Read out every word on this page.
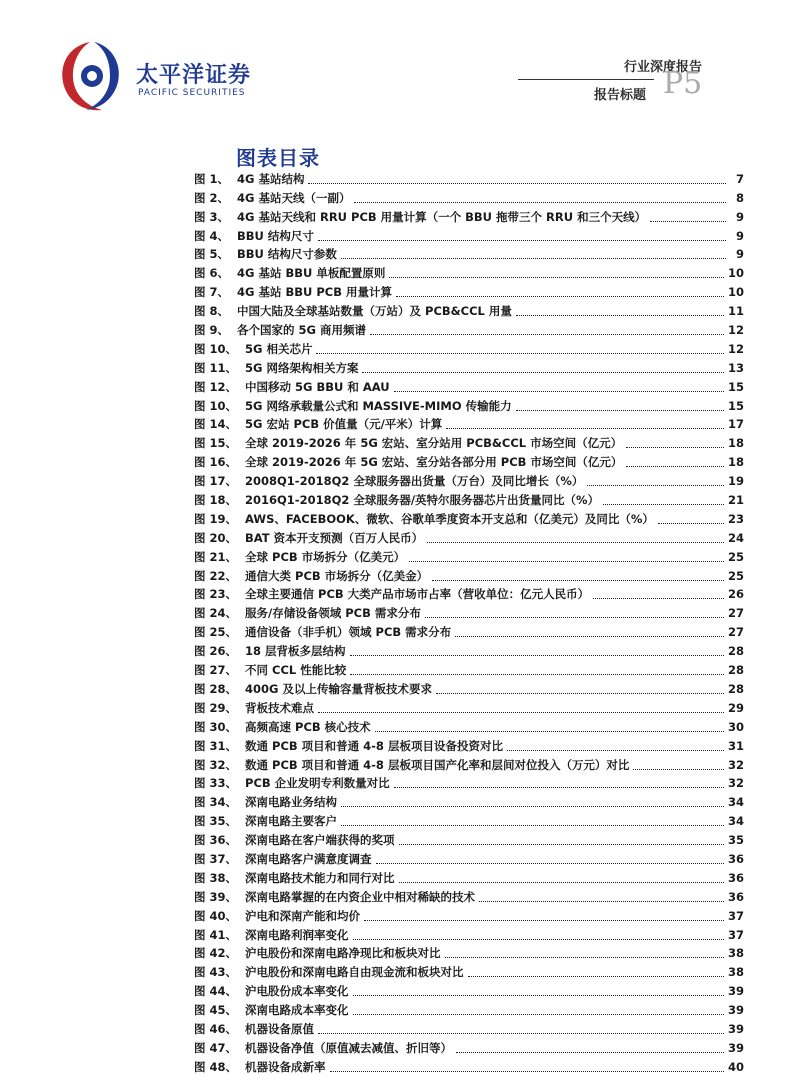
太平洋证券
PACIFIC SECURITIES
行业深度报告
报告标题 P5
图表目录
图 1、 4G 基站结构	7
图 2、 4G 基站天线（一副）	8
图 3、 4G 基站天线和 RRU PCB 用量计算（一个 BBU 拖带三个 RRU 和三个天线）	9
图 4、 BBU 结构尺寸	9
图 5、 BBU 结构尺寸参数	9
图 6、 4G 基站 BBU 单板配置原则	10
图 7、 4G 基站 BBU PCB 用量计算	10
图 8、 中国大陆及全球基站数量（万站）及 PCB&CCL 用量	11
图 9、 各个国家的 5G 商用频谱	12
图 10、 5G 相关芯片	12
图 11、 5G 网络架构相关方案	13
图 12、 中国移动 5G BBU 和 AAU	15
图 10、 5G 网络承载量公式和 MASSIVE-MIMO 传输能力	15
图 14、 5G 宏站 PCB 价值量（元/平米）计算	17
图 15、 全球 2019-2026 年 5G 宏站、室分站用 PCB&CCL 市场空间（亿元）	18
图 16、 全球 2019-2026 年 5G 宏站、室分站各部分用 PCB 市场空间（亿元）	18
图 17、 2008Q1-2018Q2 全球服务器出货量（万台）及同比增长（%）	19
图 18、 2016Q1-2018Q2 全球服务器/英特尔服务器芯片出货量同比（%）	21
图 19、 AWS、FACEBOOK、微软、谷歌单季度资本开支总和（亿美元）及同比（%）	23
图 20、 BAT 资本开支预测（百万人民币）	24
图 21、 全球 PCB 市场拆分（亿美元）	25
图 22、 通信大类 PCB 市场拆分（亿美金）	25
图 23、 全球主要通信 PCB 大类产品市场市占率（营收单位：亿元人民币）	26
图 24、 服务/存储设备领域 PCB 需求分布	27
图 25、 通信设备（非手机）领域 PCB 需求分布	27
图 26、 18 层背板多层结构	28
图 27、 不同 CCL 性能比较	28
图 28、 400G 及以上传输容量背板技术要求	28
图 29、 背板技术难点	29
图 30、 高频高速 PCB 核心技术	30
图 31、 数通 PCB 项目和普通 4-8 层板项目设备投资对比	31
图 32、 数通 PCB 项目和普通 4-8 层板项目国产化率和层间对位投入（万元）对比	32
图 33、 PCB 企业发明专利数量对比	32
图 34、 深南电路业务结构	34
图 35、 深南电路主要客户	34
图 36、 深南电路在客户端获得的奖项	35
图 37、 深南电路客户满意度调查	36
图 38、 深南电路技术能力和同行对比	36
图 39、 深南电路掌握的在内资企业中相对稀缺的技术	36
图 40、 沪电和深南产能和均价	37
图 41、 深南电路利润率变化	37
图 42、 沪电股份和深南电路净现比和板块对比	38
图 43、 沪电股份和深南电路自由现金流和板块对比	38
图 44、 沪电股份成本率变化	39
图 45、 深南电路成本率变化	39
图 46、 机器设备原值	39
图 47、 机器设备净值（原值减去减值、折旧等）	39
图 48、 机器设备成新率	40
